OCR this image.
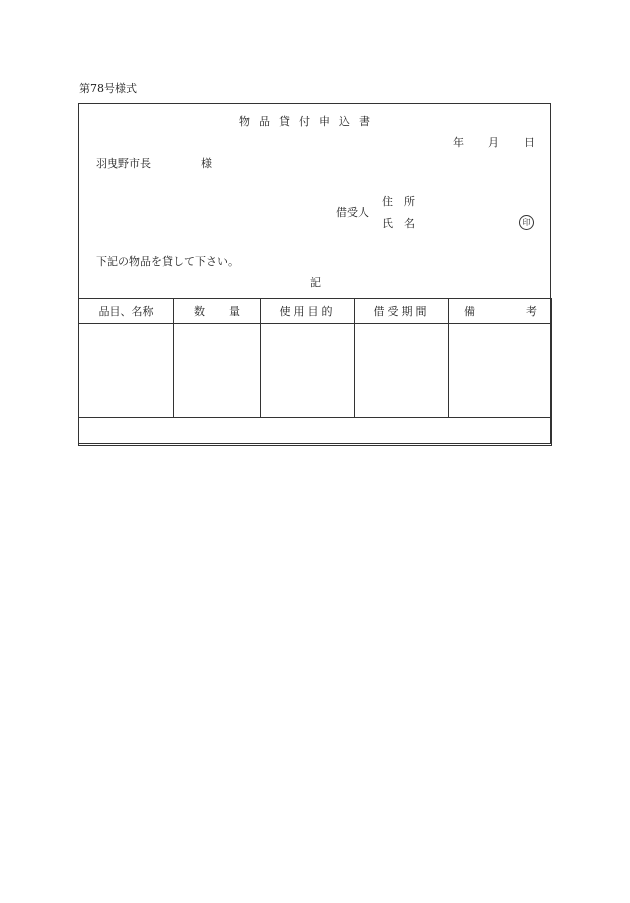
第78号様式
物品貸付申込書
年 月 日
羽曳野市長	様
借受人
住所
氏名	印
下記の物品を貸して下さい。
記
品目、名称	数 量	使用目的	借受期間	備 考
